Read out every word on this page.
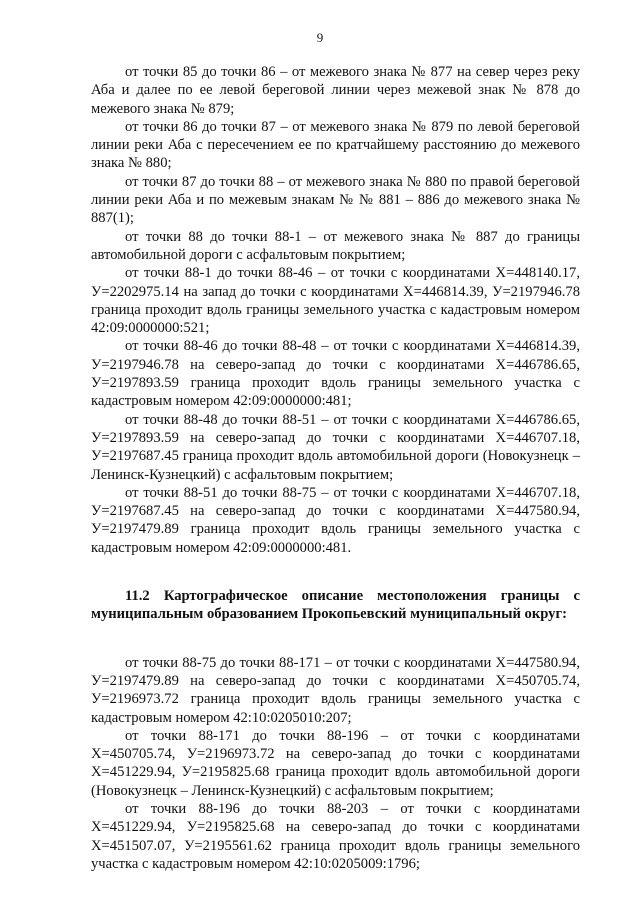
9

от точки 85 до точки 86 – от межевого знака № 877 на север через реку Аба и далее по ее левой береговой линии через межевой знак № 878 до межевого знака № 879;

от точки 86 до точки 87 – от межевого знака № 879 по левой береговой линии реки Аба с пересечением ее по кратчайшему расстоянию до межевого знака № 880;

от точки 87 до точки 88 – от межевого знака № 880 по правой береговой линии реки Аба и по межевым знакам № № 881 – 886 до межевого знака № 887(1);

от точки 88 до точки 88-1 – от межевого знака № 887 до границы автомобильной дороги с асфальтовым покрытием;

от точки 88-1 до точки 88-46 – от точки с координатами Х=448140.17, У=2202975.14 на запад до точки с координатами Х=446814.39, У=2197946.78 граница проходит вдоль границы земельного участка с кадастровым номером 42:09:0000000:521;

от точки 88-46 до точки 88-48 – от точки с координатами Х=446814.39, У=2197946.78 на северо-запад до точки с координатами Х=446786.65, У=2197893.59 граница проходит вдоль границы земельного участка с кадастровым номером 42:09:0000000:481;

от точки 88-48 до точки 88-51 – от точки с координатами Х=446786.65, У=2197893.59 на северо-запад до точки с координатами Х=446707.18, У=2197687.45 граница проходит вдоль автомобильной дороги (Новокузнецк – Ленинск-Кузнецкий) с асфальтовым покрытием;

от точки 88-51 до точки 88-75 – от точки с координатами Х=446707.18, У=2197687.45 на северо-запад до точки с координатами Х=447580.94, У=2197479.89 граница проходит вдоль границы земельного участка с кадастровым номером 42:09:0000000:481.

11.2 Картографическое описание местоположения границы с муниципальным образованием Прокопьевский муниципальный округ:

от точки 88-75 до точки 88-171 – от точки с координатами Х=447580.94, У=2197479.89 на северо-запад до точки с координатами Х=450705.74, У=2196973.72 граница проходит вдоль границы земельного участка с кадастровым номером 42:10:0205010:207;

от точки 88-171 до точки 88-196 – от точки с координатами Х=450705.74, У=2196973.72 на северо-запад до точки с координатами Х=451229.94, У=2195825.68 граница проходит вдоль автомобильной дороги (Новокузнецк – Ленинск-Кузнецкий) с асфальтовым покрытием;

от точки 88-196 до точки 88-203 – от точки с координатами Х=451229.94, У=2195825.68 на северо-запад до точки с координатами Х=451507.07, У=2195561.62 граница проходит вдоль границы земельного участка с кадастровым номером 42:10:0205009:1796;
